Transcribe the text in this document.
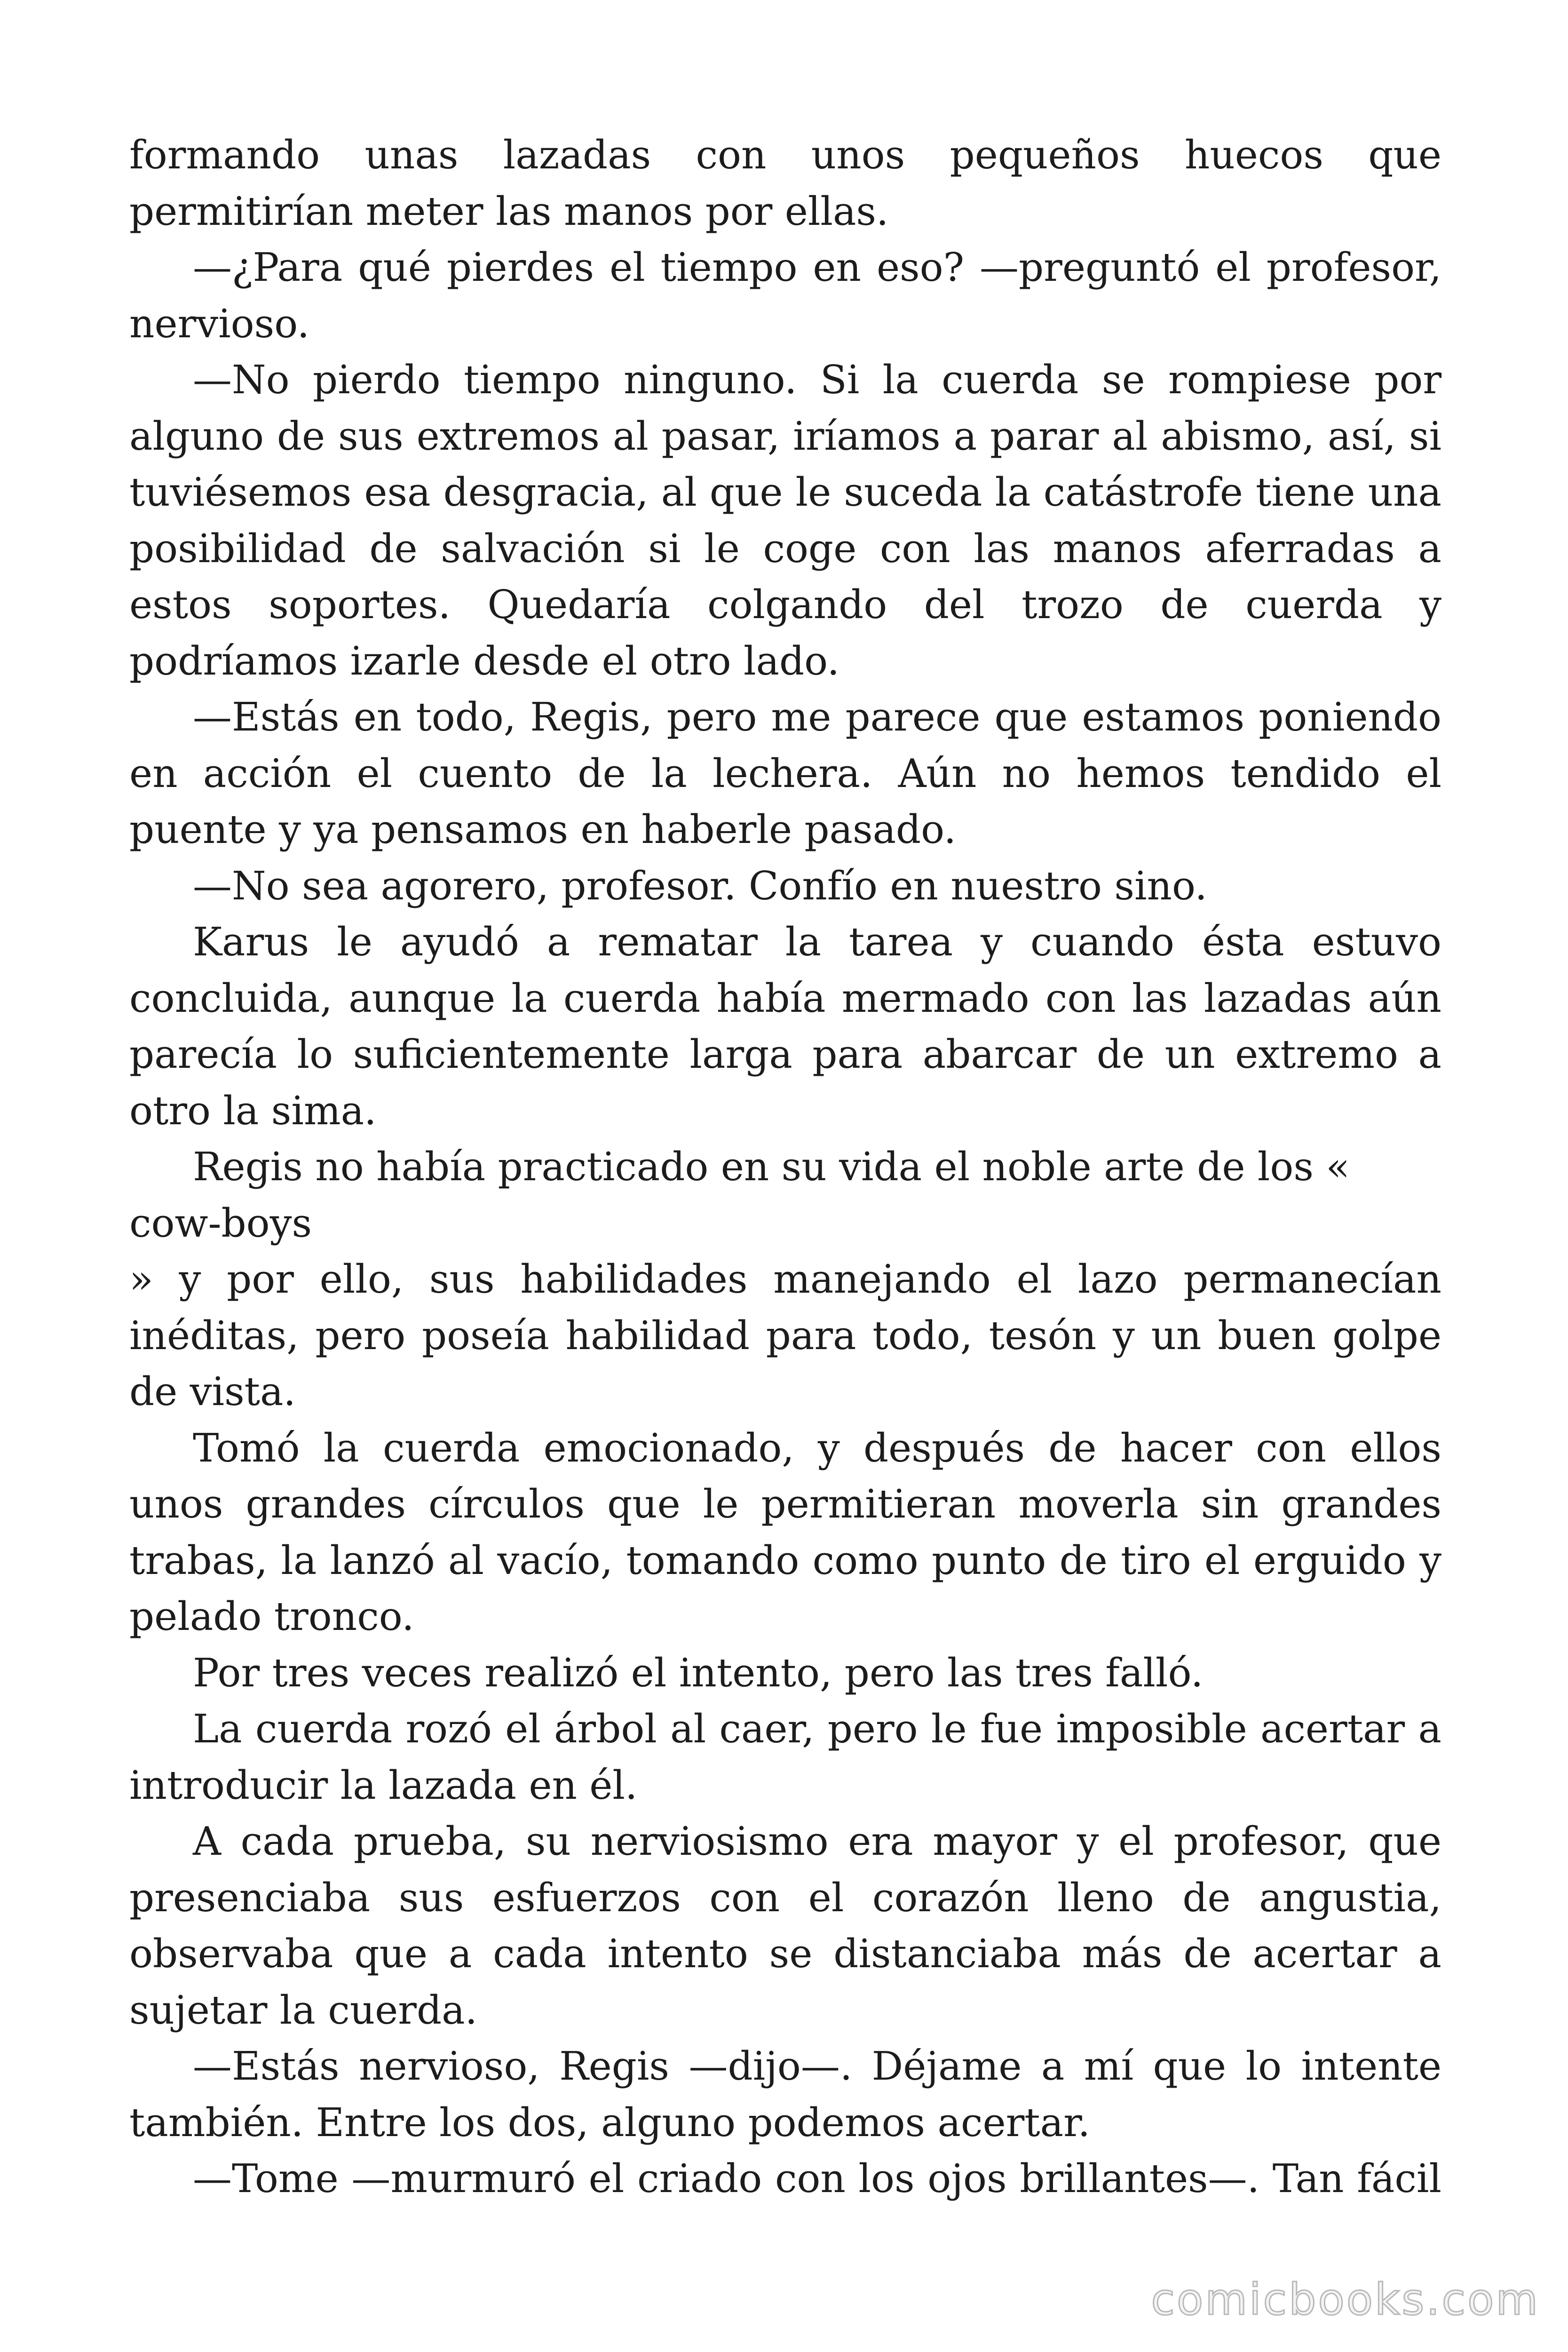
formando unas lazadas con unos pequeños huecos que permitirían meter las manos por ellas.

—¿Para qué pierdes el tiempo en eso? —preguntó el profesor, nervioso.

—No pierdo tiempo ninguno. Si la cuerda se rompiese por alguno de sus extremos al pasar, iríamos a parar al abismo, así, si tuviésemos esa desgracia, al que le suceda la catástrofe tiene una posibilidad de salvación si le coge con las manos aferradas a estos soportes. Quedaría colgando del trozo de cuerda y podríamos izarle desde el otro lado.

—Estás en todo, Regis, pero me parece que estamos poniendo en acción el cuento de la lechera. Aún no hemos tendido el puente y ya pensamos en haberle pasado.

—No sea agorero, profesor. Confío en nuestro sino.

Karus le ayudó a rematar la tarea y cuando ésta estuvo concluida, aunque la cuerda había mermado con las lazadas aún parecía lo suficientemente larga para abarcar de un extremo a otro la sima.

Regis no había practicado en su vida el noble arte de los «

cow-boys

» y por ello, sus habilidades manejando el lazo permanecían inéditas, pero poseía habilidad para todo, tesón y un buen golpe de vista.

Tomó la cuerda emocionado, y después de hacer con ellos unos grandes círculos que le permitieran moverla sin grandes trabas, la lanzó al vacío, tomando como punto de tiro el erguido y pelado tronco.

Por tres veces realizó el intento, pero las tres falló.

La cuerda rozó el árbol al caer, pero le fue imposible acertar a introducir la lazada en él.

A cada prueba, su nerviosismo era mayor y el profesor, que presenciaba sus esfuerzos con el corazón lleno de angustia, observaba que a cada intento se distanciaba más de acertar a sujetar la cuerda.

—Estás nervioso, Regis —dijo—. Déjame a mí que lo intente también. Entre los dos, alguno podemos acertar.

—Tome —murmuró el criado con los ojos brillantes—. Tan fácil

comicbooks.com
